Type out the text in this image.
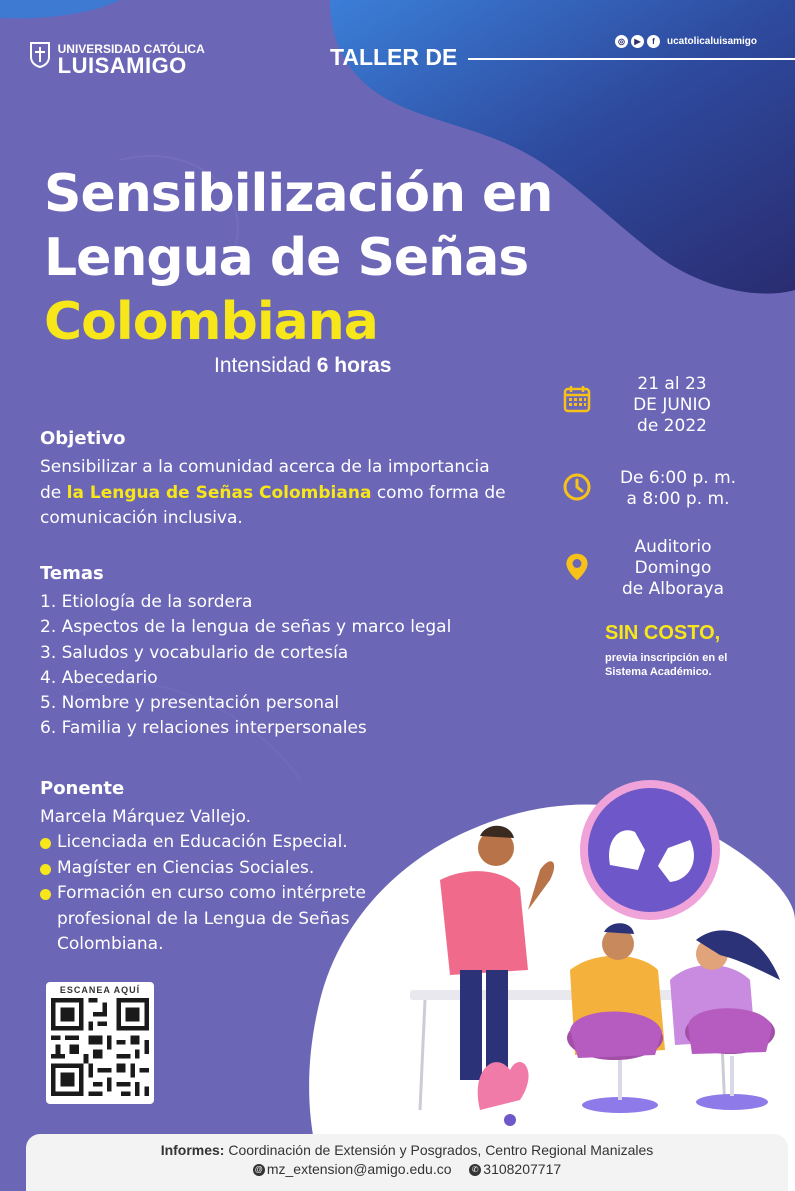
UNIVERSIDAD CATÓLICA
LUISAMIGO	TALLER DE
◎	▶	f	ucatolicaluisamigo
Sensibilización en
Lengua de Señas
Colombiana
Intensidad 6 horas
Objetivo
Sensibilizar a la comunidad acerca de la importancia de la Lengua de Señas Colombiana como forma de comunicación inclusiva.
Temas
1. Etiología de la sordera
2. Aspectos de la lengua de señas y marco legal
3. Saludos y vocabulario de cortesía
4. Abecedario
5. Nombre y presentación personal
6. Familia y relaciones interpersonales
Ponente
Marcela Márquez Vallejo.
Licenciada en Educación Especial.
Magíster en Ciencias Sociales.
Formación en curso como intérprete profesional de la Lengua de Señas Colombiana.
21 al 23
DE JUNIO
de 2022
De 6:00 p. m.
a 8:00 p. m.
Auditorio
Domingo
de Alboraya
SIN COSTO,
previa inscripción en el
Sistema Académico.
ESCANEA AQUÍ
Informes: Coordinación de Extensión y Posgrados, Centro Regional Manizales
@ mz_extension@amigo.edu.co	✆ 3108207717
